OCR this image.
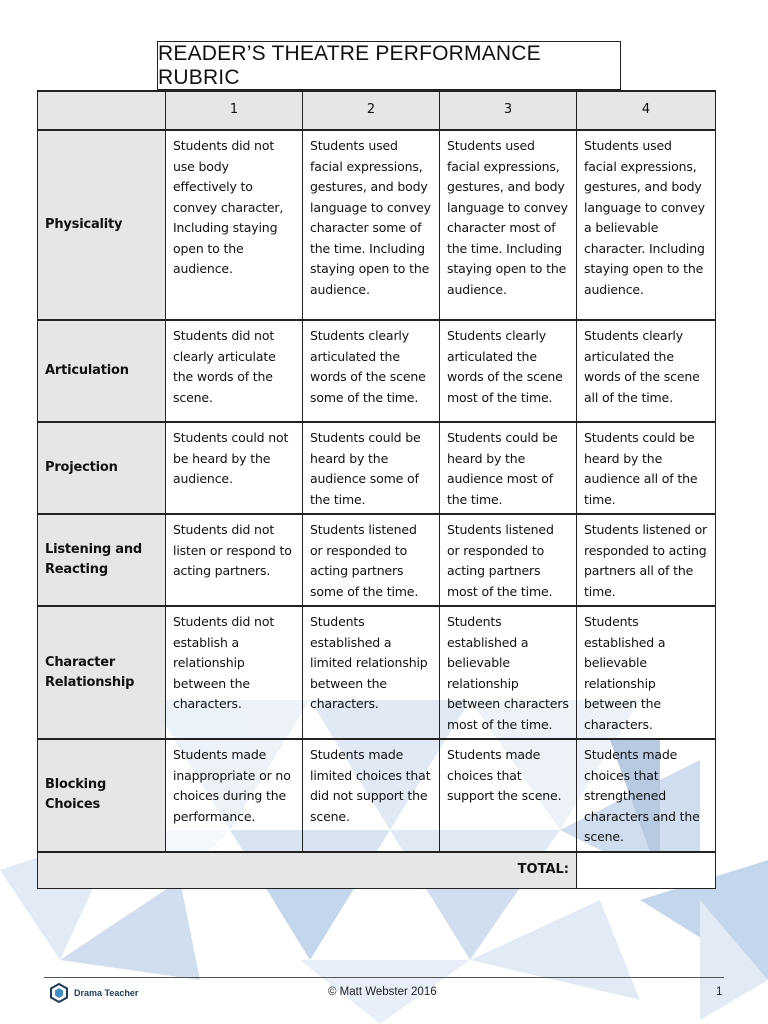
READER’S THEATRE PERFORMANCE RUBRIC
	1	2	3	4
Physicality	Students did not use body effectively to convey character, Including staying open to the audience.	Students used facial expressions, gestures, and body language to convey character some of the time. Including staying open to the audience.	Students used facial expressions, gestures, and body language to convey character most of the time. Including staying open to the audience.	Students used facial expressions, gestures, and body language to convey a believable character. Including staying open to the audience.
Articulation	Students did not clearly articulate the words of the scene.	Students clearly articulated the words of the scene some of the time.	Students clearly articulated the words of the scene most of the time.	Students clearly articulated the words of the scene all of the time.
Projection	Students could not be heard by the audience.	Students could be heard by the audience some of the time.	Students could be heard by the audience most of the time.	Students could be heard by the audience all of the time.
Listening and Reacting	Students did not listen or respond to acting partners.	Students listened or responded to acting partners some of the time.	Students listened or responded to acting partners most of the time.	Students listened or responded to acting partners all of the time.
Character Relationship	Students did not establish a relationship between the characters.	Students established a limited relationship between the characters.	Students established a believable relationship between characters most of the time.	Students established a believable relationship between the characters.
Blocking Choices	Students made inappropriate or no choices during the performance.	Students made limited choices that did not support the scene.	Students made choices that support the scene.	Students made choices that strengthened characters and the scene.
TOTAL:				
Drama Teacher	© Matt Webster 2016	1
